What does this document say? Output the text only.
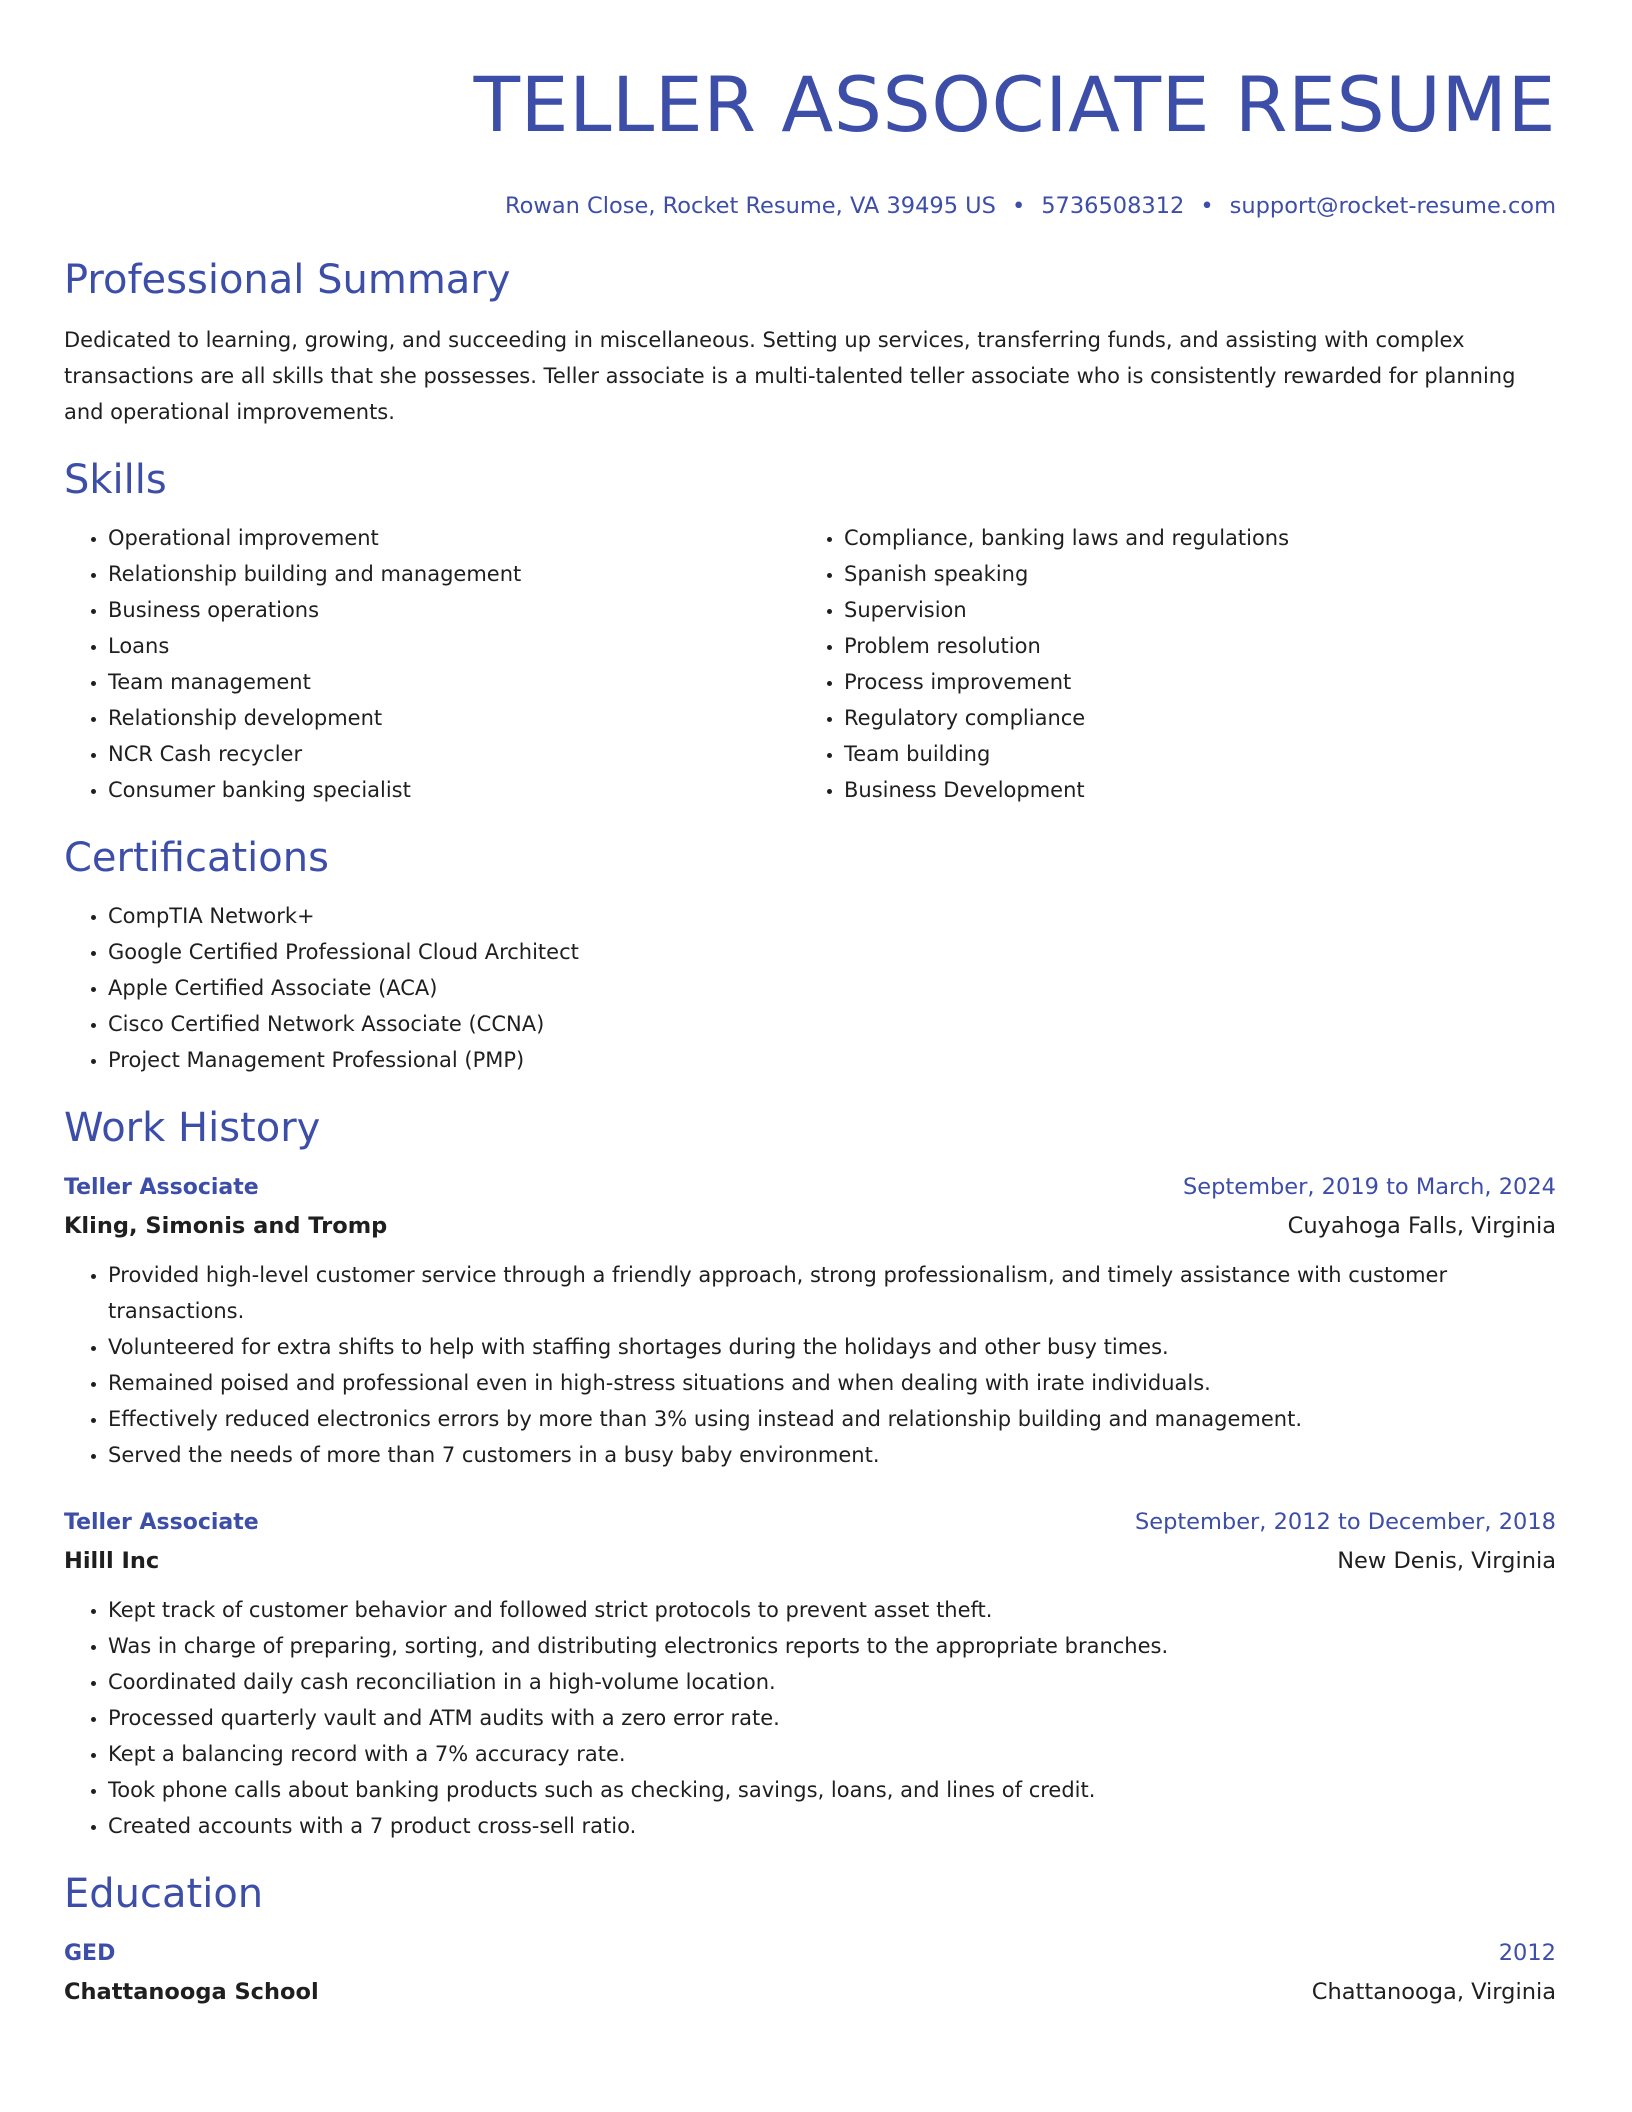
TELLER ASSOCIATE RESUME
Rowan Close, Rocket Resume, VA 39495 US • 5736508312 • support@rocket-resume.com
Professional Summary

Dedicated to learning, growing, and succeeding in miscellaneous. Setting up services, transferring funds, and assisting with complex transactions are all skills that she possesses. Teller associate is a multi-talented teller associate who is consistently rewarded for planning and operational improvements.

Skills
• Operational improvement
• Relationship building and management
• Business operations
• Loans
• Team management
• Relationship development
• NCR Cash recycler
• Consumer banking specialist
• Compliance, banking laws and regulations
• Spanish speaking
• Supervision
• Problem resolution
• Process improvement
• Regulatory compliance
• Team building
• Business Development
Certifications
• CompTIA Network+
• Google Certified Professional Cloud Architect
• Apple Certified Associate (ACA)
• Cisco Certified Network Associate (CCNA)
• Project Management Professional (PMP)
Work History
Teller Associate	September, 2019 to March, 2024
Kling, Simonis and Tromp	Cuyahoga Falls, Virginia
• Provided high-level customer service through a friendly approach, strong professionalism, and timely assistance with customer transactions.
• Volunteered for extra shifts to help with staffing shortages during the holidays and other busy times.
• Remained poised and professional even in high-stress situations and when dealing with irate individuals.
• Effectively reduced electronics errors by more than 3% using instead and relationship building and management.
• Served the needs of more than 7 customers in a busy baby environment.
Teller Associate	September, 2012 to December, 2018
Hilll Inc	New Denis, Virginia
• Kept track of customer behavior and followed strict protocols to prevent asset theft.
• Was in charge of preparing, sorting, and distributing electronics reports to the appropriate branches.
• Coordinated daily cash reconciliation in a high-volume location.
• Processed quarterly vault and ATM audits with a zero error rate.
• Kept a balancing record with a 7% accuracy rate.
• Took phone calls about banking products such as checking, savings, loans, and lines of credit.
• Created accounts with a 7 product cross-sell ratio.
Education
GED	2012
Chattanooga School	Chattanooga, Virginia
